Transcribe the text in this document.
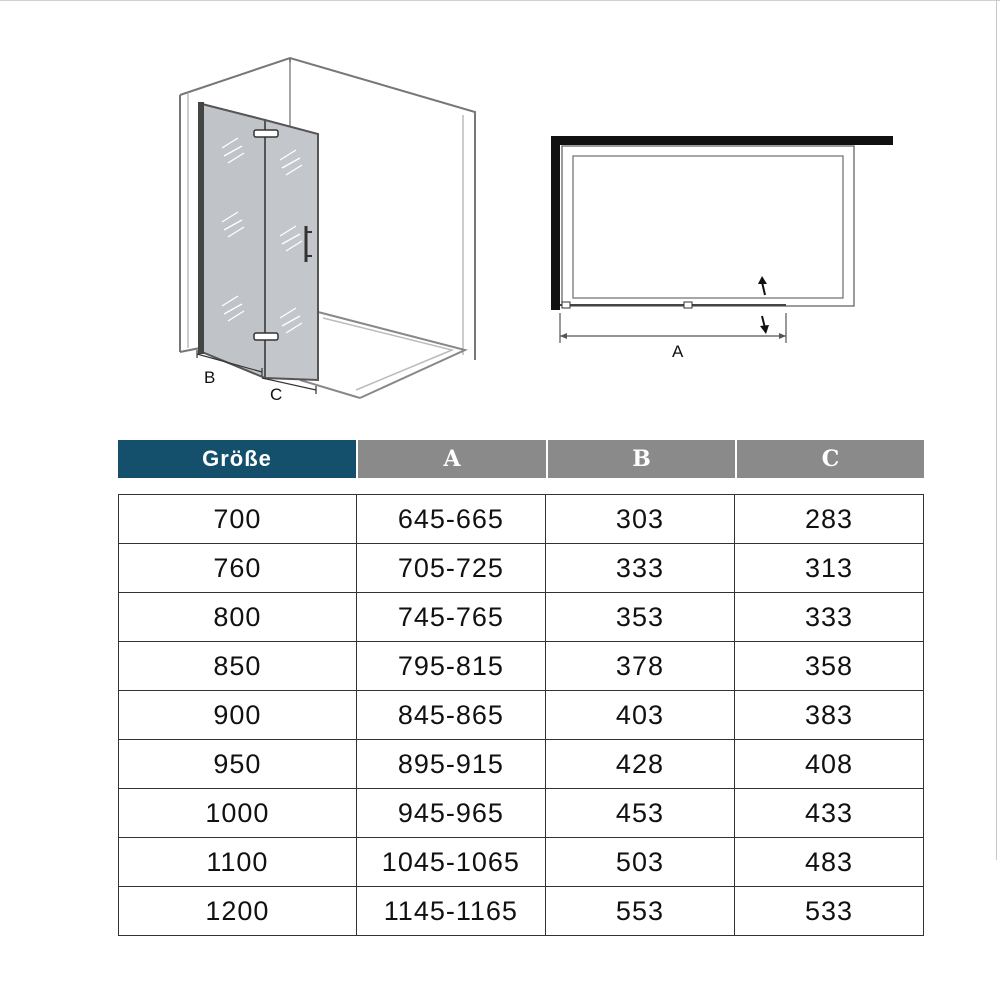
B
C
A
Größe	A	B	C
700	645-665	303	283
760	705-725	333	313
800	745-765	353	333
850	795-815	378	358
900	845-865	403	383
950	895-915	428	408
1000	945-965	453	433
1100	1045-1065	503	483
1200	1145-1165	553	533
